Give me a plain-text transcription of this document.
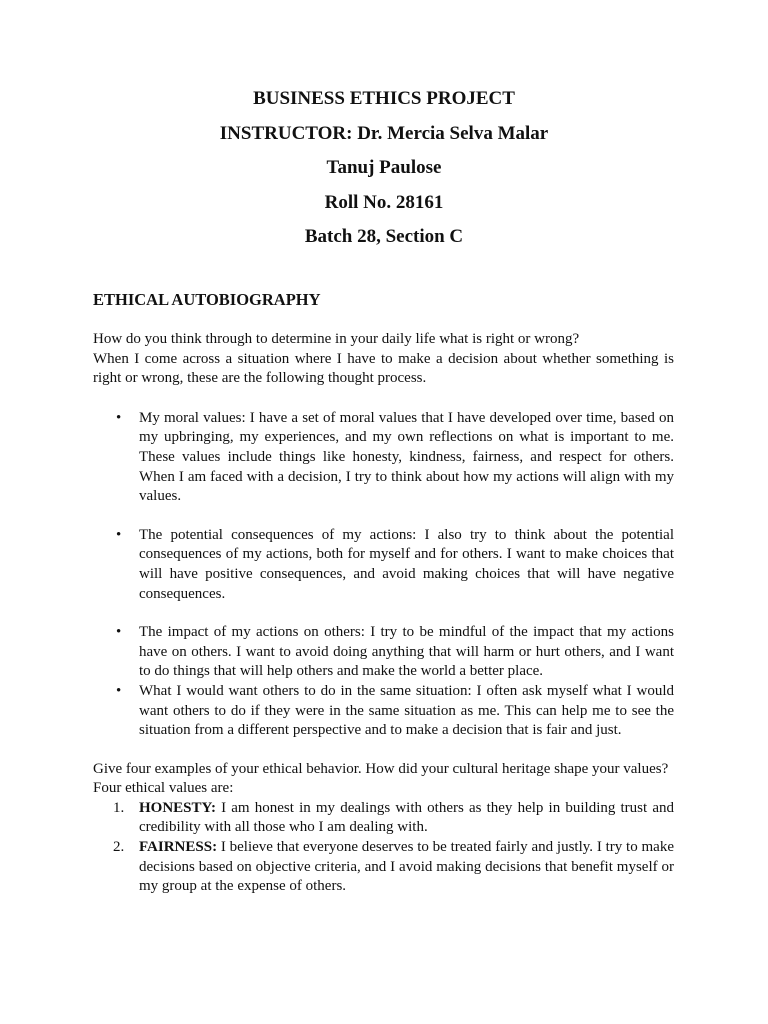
BUSINESS ETHICS PROJECT
INSTRUCTOR: Dr. Mercia Selva Malar
Tanuj Paulose
Roll No. 28161
Batch 28, Section C
ETHICAL AUTOBIOGRAPHY

How do you think through to determine in your daily life what is right or wrong?

When I come across a situation where I have to make a decision about whether something is right or wrong, these are the following thought process.

• My moral values: I have a set of moral values that I have developed over time, based on my upbringing, my experiences, and my own reflections on what is important to me. These values include things like honesty, kindness, fairness, and respect for others. When I am faced with a decision, I try to think about how my actions will align with my values.
• The potential consequences of my actions: I also try to think about the potential consequences of my actions, both for myself and for others. I want to make choices that will have positive consequences, and avoid making choices that will have negative consequences.
• The impact of my actions on others: I try to be mindful of the impact that my actions have on others. I want to avoid doing anything that will harm or hurt others, and I want to do things that will help others and make the world a better place.
• What I would want others to do in the same situation: I often ask myself what I would want others to do if they were in the same situation as me. This can help me to see the situation from a different perspective and to make a decision that is fair and just.

Give four examples of your ethical behavior. How did your cultural heritage shape your values?

Four ethical values are:

1. HONESTY: I am honest in my dealings with others as they help in building trust and credibility with all those who I am dealing with.
2. FAIRNESS: I believe that everyone deserves to be treated fairly and justly. I try to make decisions based on objective criteria, and I avoid making decisions that benefit myself or my group at the expense of others.
